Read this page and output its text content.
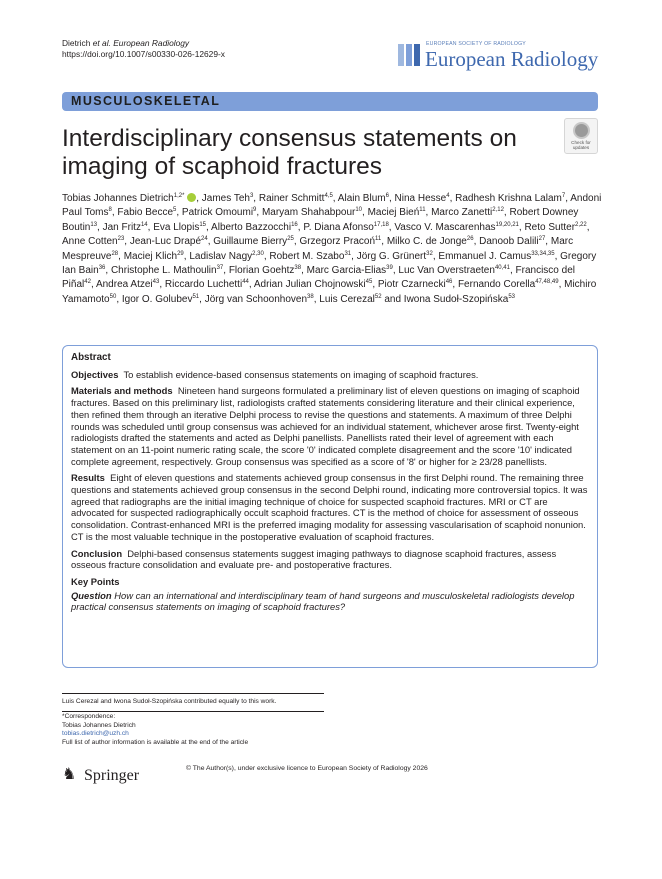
Dietrich et al. European Radiology
https://doi.org/10.1007/s00330-026-12629-x
EUROPEAN SOCIETY OF RADIOLOGY
European Radiology
MUSCULOSKELETAL
Interdisciplinary consensus statements on imaging of scaphoid fractures
Check for
updates
Tobias Johannes Dietrich$^{1,2*}$ , James Teh$^3$, Rainer Schmitt$^{4,5}$, Alain Blum$^6$, Nina Hesse$^4$, Radhesh Krishna Lalam$^7$, Andoni Paul Toms$^8$, Fabio Becce$^5$, Patrick Omoumi$^9$, Maryam Shahabpour$^{10}$, Maciej Bień$^{11}$, Marco Zanetti$^{2,12}$, Robert Downey Boutin$^{13}$, Jan Fritz$^{14}$, Eva Llopis$^{15}$, Alberto Bazzocchi$^{16}$, P. Diana Afonso$^{17,18}$, Vasco V. Mascarenhas$^{19,20,21}$, Reto Sutter$^{2,22}$, Anne Cotten$^{23}$, Jean-Luc Drapé$^{24}$, Guillaume Bierry$^{25}$, Grzegorz Pracoń$^{11}$, Milko C. de Jonge$^{26}$, Danoob Dalili$^{27}$, Marc Mespreuve$^{28}$, Maciej Klich$^{29}$, Ladislav Nagy$^{2,30}$, Robert M. Szabo$^{31}$, Jörg G. Grünert$^{32}$, Emmanuel J. Camus$^{33,34,35}$, Gregory Ian Bain$^{36}$, Christophe L. Mathoulin$^{37}$, Florian Goehtz$^{38}$, Marc Garcia-Elias$^{39}$, Luc Van Overstraeten$^{40,41}$, Francisco del Piñal$^{42}$, Andrea Atzei$^{43}$, Riccardo Luchetti$^{44}$, Adrian Julian Chojnowski$^{45}$, Piotr Czarnecki$^{46}$, Fernando Corella$^{47,48,49}$, Michiro Yamamoto$^{50}$, Igor O. Golubev$^{51}$, Jörg van Schoonhoven$^{38}$, Luis Cerezal$^{52}$ and Iwona Sudoł-Szopińska$^{53}$
Abstract

Objectives To establish evidence-based consensus statements on imaging of scaphoid fractures.

Materials and methods Nineteen hand surgeons formulated a preliminary list of eleven questions on imaging of scaphoid fractures. Based on this preliminary list, radiologists crafted statements considering literature and their clinical experience, then refined them through an iterative Delphi process to revise the questions and statements. A maximum of three Delphi rounds was scheduled until group consensus was achieved for an individual statement, whichever arose first. Twenty-eight radiologists drafted the statements and acted as Delphi panellists. Panellists rated their level of agreement with each statement on an 11-point numeric rating scale, the score '0' indicated complete disagreement and the score '10' indicated complete agreement, respectively. Group consensus was specified as a score of '8' or higher for ≥ 23/28 panellists.

Results Eight of eleven questions and statements achieved group consensus in the first Delphi round. The remaining three questions and statements achieved group consensus in the second Delphi round, indicating more controversial topics. It was agreed that radiographs are the initial imaging technique of choice for suspected scaphoid fractures. MRI or CT are advocated for suspected radiographically occult scaphoid fractures. CT is the method of choice for assessment of osseous consolidation. Contrast-enhanced MRI is the preferred imaging modality for assessing vascularisation of scaphoid nonunion. CT is the most valuable technique in the postoperative evaluation of scaphoid fractures.

Conclusion Delphi-based consensus statements suggest imaging pathways to diagnose scaphoid fractures, assess osseous fracture consolidation and evaluate pre- and postoperative fractures.

Key Points

Question How can an international and interdisciplinary team of hand surgeons and musculoskeletal radiologists develop practical consensus statements on imaging of scaphoid fractures?

Luis Cerezal and Iwona Sudoł-Szopińska contributed equally to this work.
*Correspondence:
Tobias Johannes Dietrich
tobias.dietrich@uzh.ch
Full list of author information is available at the end of the article
♞ Springer	© The Author(s), under exclusive licence to European Society of Radiology 2026
